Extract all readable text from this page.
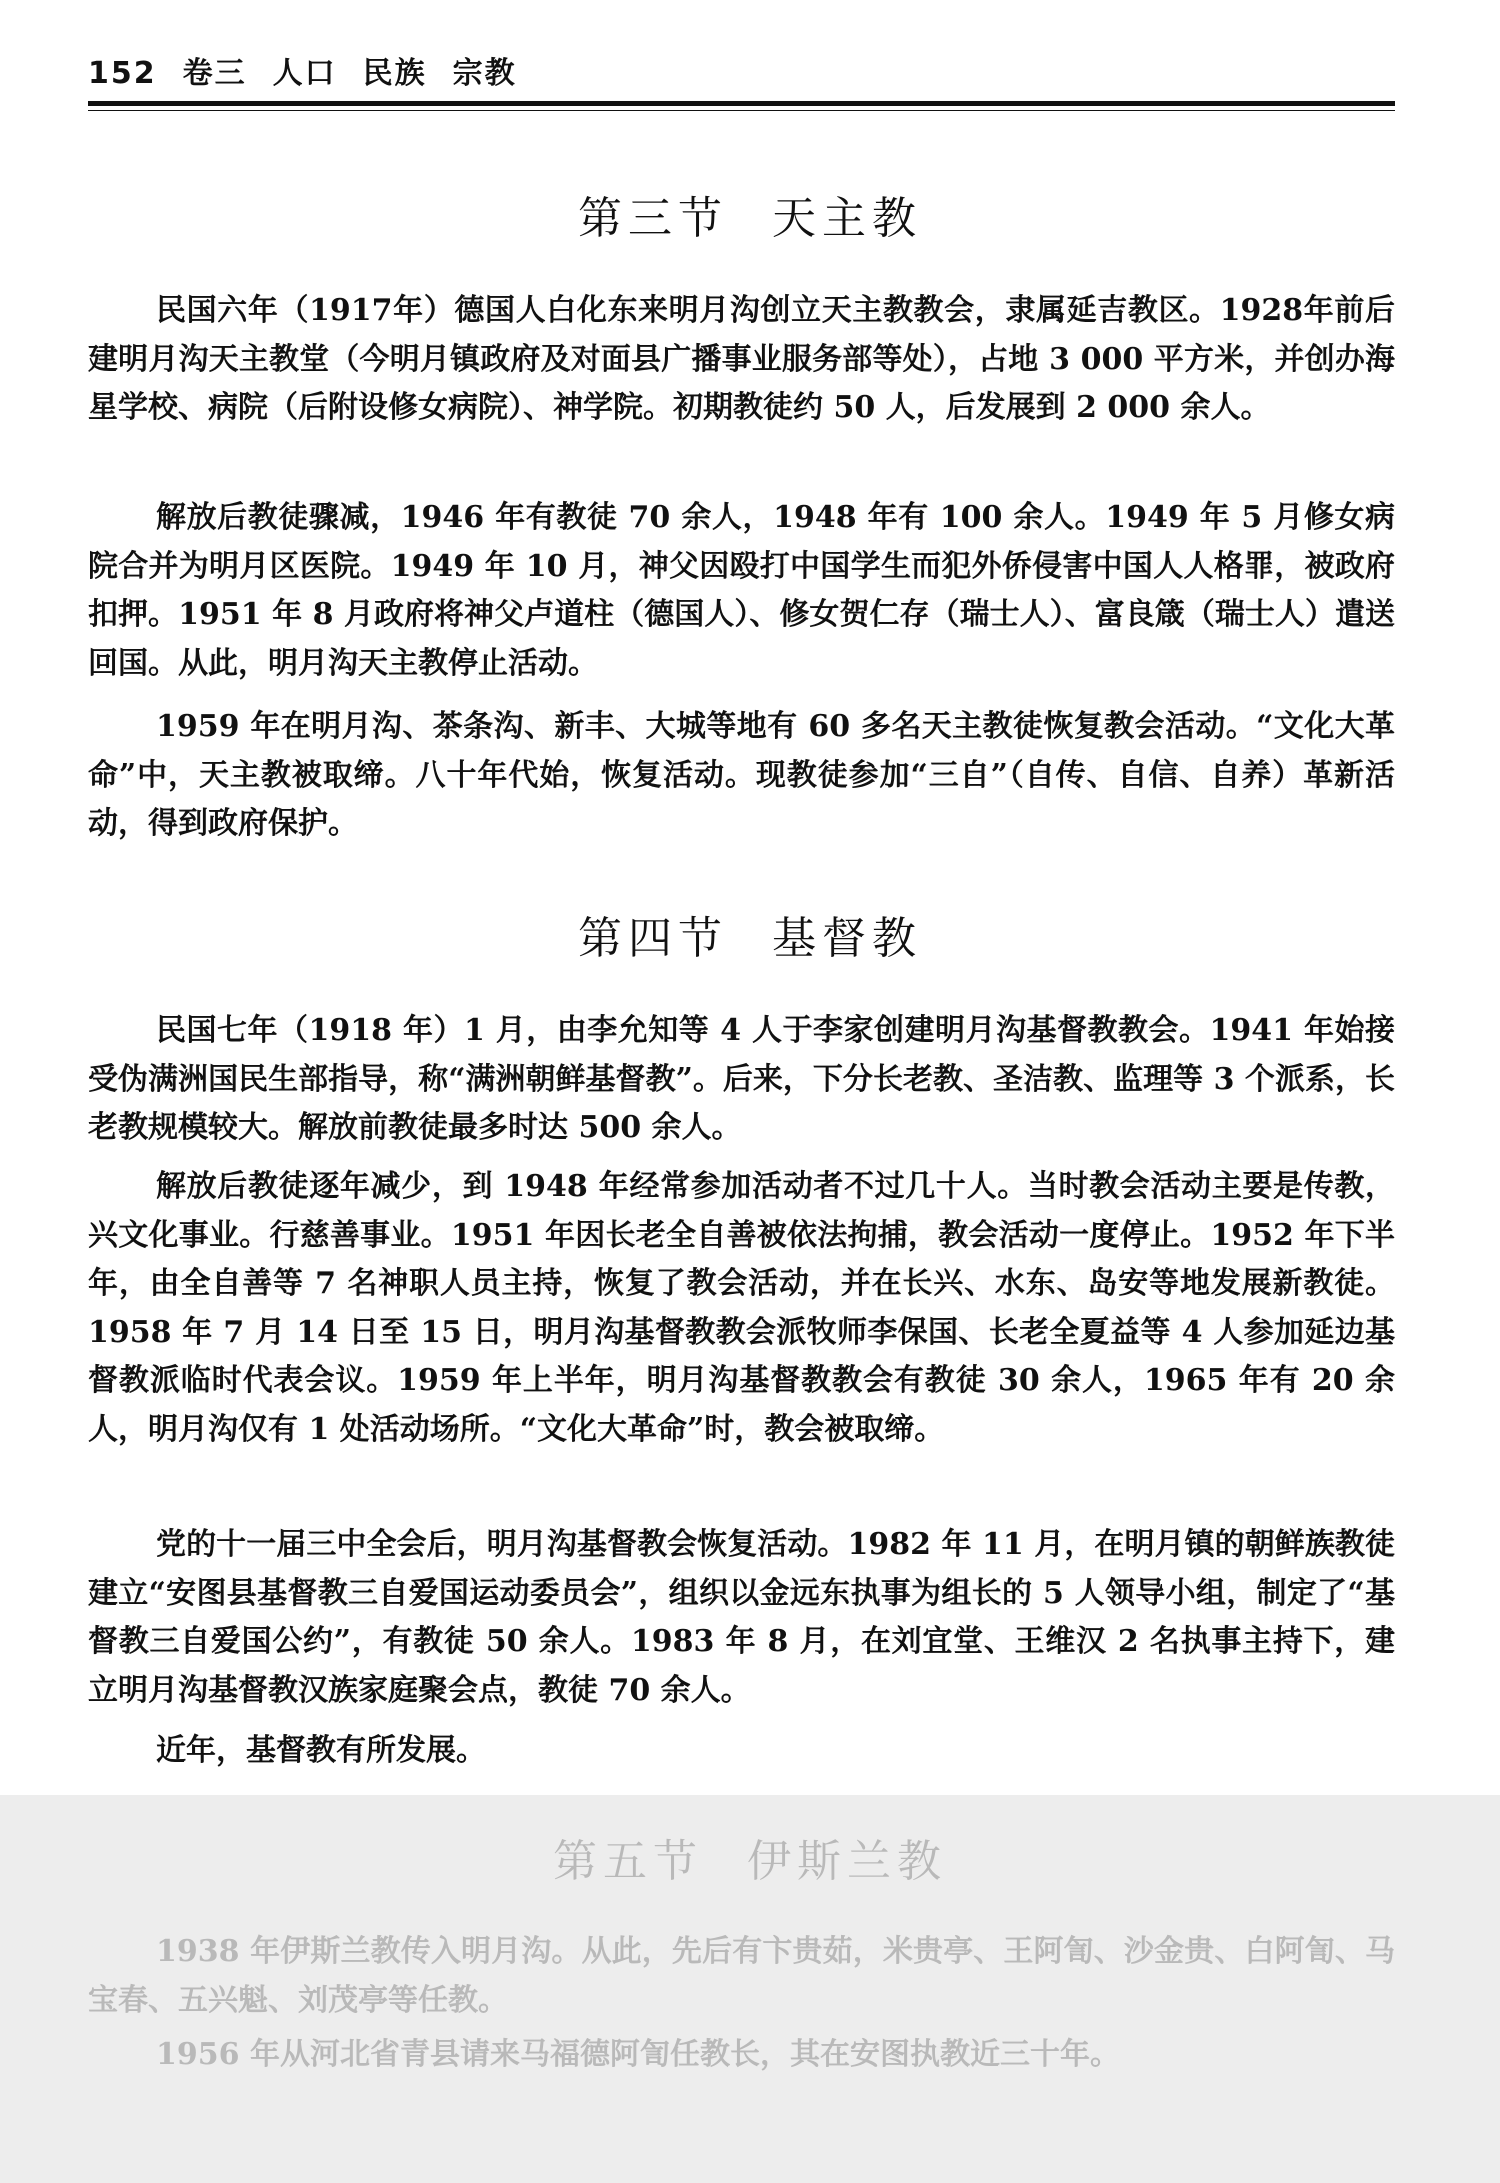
152 卷三 人口 民族 宗教
第三节 天主教

民国六年（1917年）德国人白化东来明月沟创立天主教教会，隶属延吉教区。1928年前后建明月沟天主教堂（今明月镇政府及对面县广播事业服务部等处），占地 3 000 平方米，并创办海星学校、病院（后附设修女病院）、神学院。初期教徒约 50 人，后发展到 2 000 余人。

解放后教徒骤减，1946 年有教徒 70 余人，1948 年有 100 余人。1949 年 5 月修女病院合并为明月区医院。1949 年 10 月，神父因殴打中国学生而犯外侨侵害中国人人格罪，被政府扣押。1951 年 8 月政府将神父卢道柱（德国人）、修女贺仁存（瑞士人）、富良箴（瑞士人）遣送回国。从此，明月沟天主教停止活动。

1959 年在明月沟、茶条沟、新丰、大城等地有 60 多名天主教徒恢复教会活动。“文化大革命”中，天主教被取缔。八十年代始，恢复活动。现教徒参加“三自”（自传、自信、自养）革新活动，得到政府保护。

第四节 基督教

民国七年（1918 年）1 月，由李允知等 4 人于李家创建明月沟基督教教会。1941 年始接受伪满洲国民生部指导，称“满洲朝鲜基督教”。后来，下分长老教、圣洁教、监理等 3 个派系，长老教规模较大。解放前教徒最多时达 500 余人。

解放后教徒逐年减少，到 1948 年经常参加活动者不过几十人。当时教会活动主要是传教，兴文化事业。行慈善事业。1951 年因长老全自善被依法拘捕，教会活动一度停止。1952 年下半年，由全自善等 7 名神职人员主持，恢复了教会活动，并在长兴、水东、岛安等地发展新教徒。1958 年 7 月 14 日至 15 日，明月沟基督教教会派牧师李保国、长老全夏益等 4 人参加延边基督教派临时代表会议。1959 年上半年，明月沟基督教教会有教徒 30 余人，1965 年有 20 余人，明月沟仅有 1 处活动场所。“文化大革命”时，教会被取缔。

党的十一届三中全会后，明月沟基督教会恢复活动。1982 年 11 月，在明月镇的朝鲜族教徒建立“安图县基督教三自爱国运动委员会”，组织以金远东执事为组长的 5 人领导小组，制定了“基督教三自爱国公约”，有教徒 50 余人。1983 年 8 月，在刘宜堂、王维汉 2 名执事主持下，建立明月沟基督教汉族家庭聚会点，教徒 70 余人。

近年，基督教有所发展。

第五节 伊斯兰教

1938 年伊斯兰教传入明月沟。从此，先后有卞贵茹，米贵亭、王阿訇、沙金贵、白阿訇、马宝春、五兴魁、刘茂亭等任教。

1956 年从河北省青县请来马福德阿訇任教长，其在安图执教近三十年。
